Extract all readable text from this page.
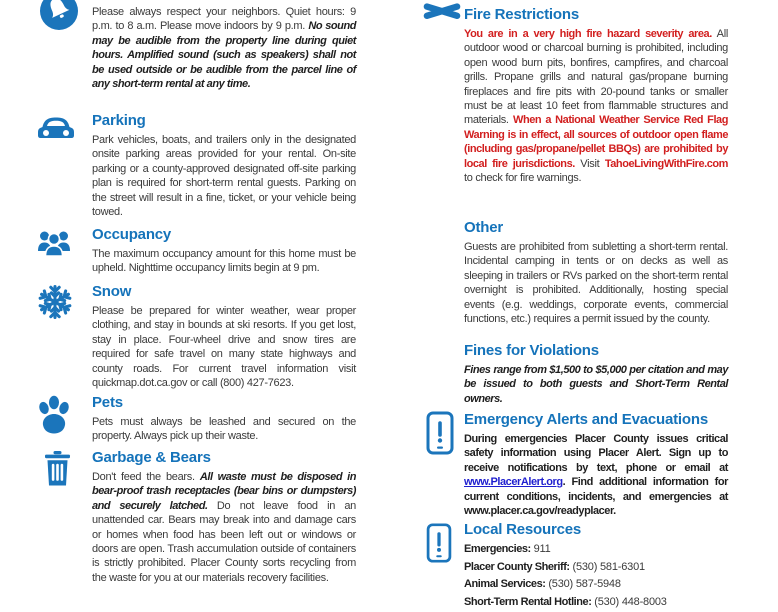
Please always respect your neighbors. Quiet hours: 9 p.m. to 8 a.m. Please move indoors by 9 p.m. No sound may be audible from the property line during quiet hours. Amplified sound (such as speakers) shall not be used outside or be audible from the parcel line of any short-term rental at any time.

Parking

Park vehicles, boats, and trailers only in the designated onsite parking areas provided for your rental. On-site parking or a county-approved designated off-site parking plan is required for short-term rental guests. Parking on the street will result in a fine, ticket, or your vehicle being towed.

Occupancy

The maximum occupancy amount for this home must be upheld. Nighttime occupancy limits begin at 9 pm.

Snow

Please be prepared for winter weather, wear proper clothing, and stay in bounds at ski resorts. If you get lost, stay in place. Four-wheel drive and snow tires are required for safe travel on many state highways and county roads. For current travel information visit quickmap.dot.ca.gov or call (800) 427-7623.

Pets

Pets must always be leashed and secured on the property. Always pick up their waste.

Garbage & Bears

Don't feed the bears. All waste must be disposed in bear-proof trash receptacles (bear bins or dumpsters) and securely latched. Do not leave food in an unattended car. Bears may break into and damage cars or homes when food has been left out or windows or doors are open. Trash accumulation outside of containers is strictly prohibited. Placer County sorts recycling from the waste for you at our materials recovery facilities.

Fire Restrictions

You are in a very high fire hazard severity area. All outdoor wood or charcoal burning is prohibited, including open wood burn pits, bonfires, campfires, and charcoal grills. Propane grills and natural gas/propane burning fireplaces and fire pits with 20-pound tanks or smaller must be at least 10 feet from flammable structures and materials. When a National Weather Service Red Flag Warning is in effect, all sources of outdoor open flame (including gas/propane/pellet BBQs) are prohibited by local fire jurisdictions. Visit TahoeLivingWithFire.com to check for fire warnings.

Other

Guests are prohibited from subletting a short-term rental. Incidental camping in tents or on decks as well as sleeping in trailers or RVs parked on the short-term rental overnight is prohibited. Additionally, hosting special events (e.g. weddings, corporate events, commercial functions, etc.) requires a permit issued by the county.

Fines for Violations

Fines range from $1,500 to $5,000 per citation and may be issued to both guests and Short-Term Rental owners.

Emergency Alerts and Evacuations

During emergencies Placer County issues critical safety information using Placer Alert. Sign up to receive notifications by text, phone or email at www.PlacerAlert.org. Find additional information for current conditions, incidents, and emergencies at www.placer.ca.gov/readyplacer.

Local Resources
Emergencies: 911
Placer County Sheriff: (530) 581-6301
Animal Services: (530) 587-5948
Short-Term Rental Hotline: (530) 448-8003
